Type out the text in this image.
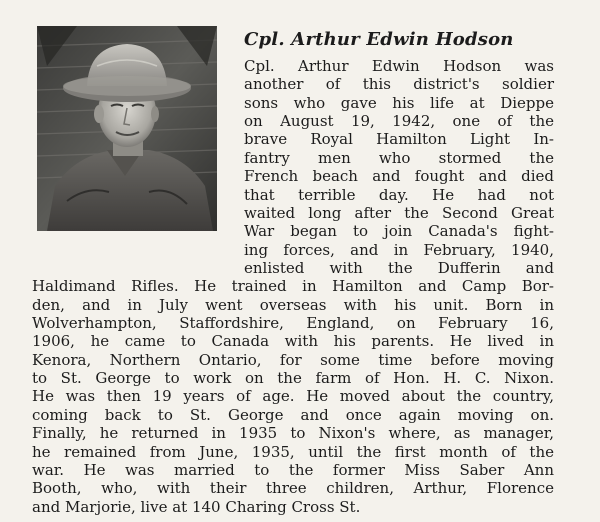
Cpl. Arthur Edwin Hodson

Cpl. Arthur Edwin Hodson was

another of this district's soldier

sons who gave his life at Dieppe

on August 19, 1942, one of the

brave Royal Hamilton Light In-

fantry men who stormed the

French beach and fought and died

that terrible day. He had not

waited long after the Second Great

War began to join Canada's fight-

ing forces, and in February, 1940,

enlisted with the Dufferin and

Haldimand Rifles. He trained in Hamilton and Camp Bor-

den, and in July went overseas with his unit. Born in

Wolverhampton, Staffordshire, England, on February 16,

1906, he came to Canada with his parents. He lived in

Kenora, Northern Ontario, for some time before moving

to St. George to work on the farm of Hon. H. C. Nixon.

He was then 19 years of age. He moved about the country,

coming back to St. George and once again moving on.

Finally, he returned in 1935 to Nixon's where, as manager,

he remained from June, 1935, until the first month of the

war. He was married to the former Miss Saber Ann

Booth, who, with their three children, Arthur, Florence

and Marjorie, live at 140 Charing Cross St.
